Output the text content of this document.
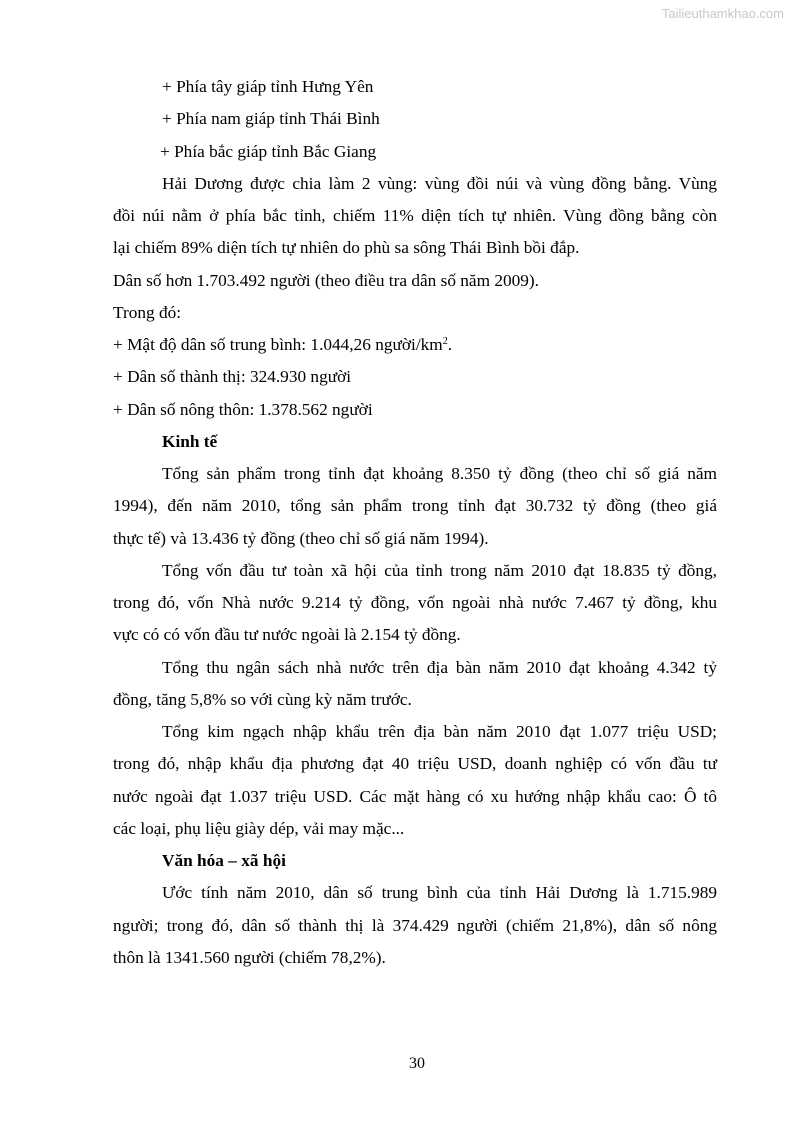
Tailieuthamkhao.com
+ Phía tây giáp tỉnh Hưng Yên
+ Phía nam giáp tỉnh Thái Bình
+ Phía bắc giáp tỉnh Bắc Giang
Hải Dương được chia làm 2 vùng: vùng đồi núi và vùng đồng bằng. Vùng
đồi núi nằm ở phía bắc tỉnh, chiếm 11% diện tích tự nhiên. Vùng đồng bằng còn
lại chiếm 89% diện tích tự nhiên do phù sa sông Thái Bình bồi đắp.
Dân số hơn 1.703.492 người (theo điều tra dân số năm 2009).
Trong đó:
+ Mật độ dân số trung bình: 1.044,26 người/$km^2$.
+ Dân số thành thị: 324.930 người
+ Dân số nông thôn: 1.378.562 người
Kinh tế
Tổng sản phẩm trong tỉnh đạt khoảng 8.350 tỷ đồng (theo chỉ số giá năm
1994), đến năm 2010, tổng sản phẩm trong tỉnh đạt 30.732 tỷ đồng (theo giá
thực tế) và 13.436 tỷ đồng (theo chỉ số giá năm 1994).
Tổng vốn đầu tư toàn xã hội của tỉnh trong năm 2010 đạt 18.835 tỷ đồng,
trong đó, vốn Nhà nước 9.214 tỷ đồng, vốn ngoài nhà nước 7.467 tỷ đồng, khu
vực có có vốn đầu tư nước ngoài là 2.154 tỷ đồng.
Tổng thu ngân sách nhà nước trên địa bàn năm 2010 đạt khoảng 4.342 tỷ
đồng, tăng 5,8% so với cùng kỳ năm trước.
Tổng kim ngạch nhập khẩu trên địa bàn năm 2010 đạt 1.077 triệu USD;
trong đó, nhập khẩu địa phương đạt 40 triệu USD, doanh nghiệp có vốn đầu tư
nước ngoài đạt 1.037 triệu USD. Các mặt hàng có xu hướng nhập khẩu cao: Ô tô
các loại, phụ liệu giày dép, vải may mặc...
Văn hóa – xã hội
Ước tính năm 2010, dân số trung bình của tỉnh Hải Dương là 1.715.989
người; trong đó, dân số thành thị là 374.429 người (chiếm 21,8%), dân số nông
thôn là 1341.560 người (chiếm 78,2%).
30
